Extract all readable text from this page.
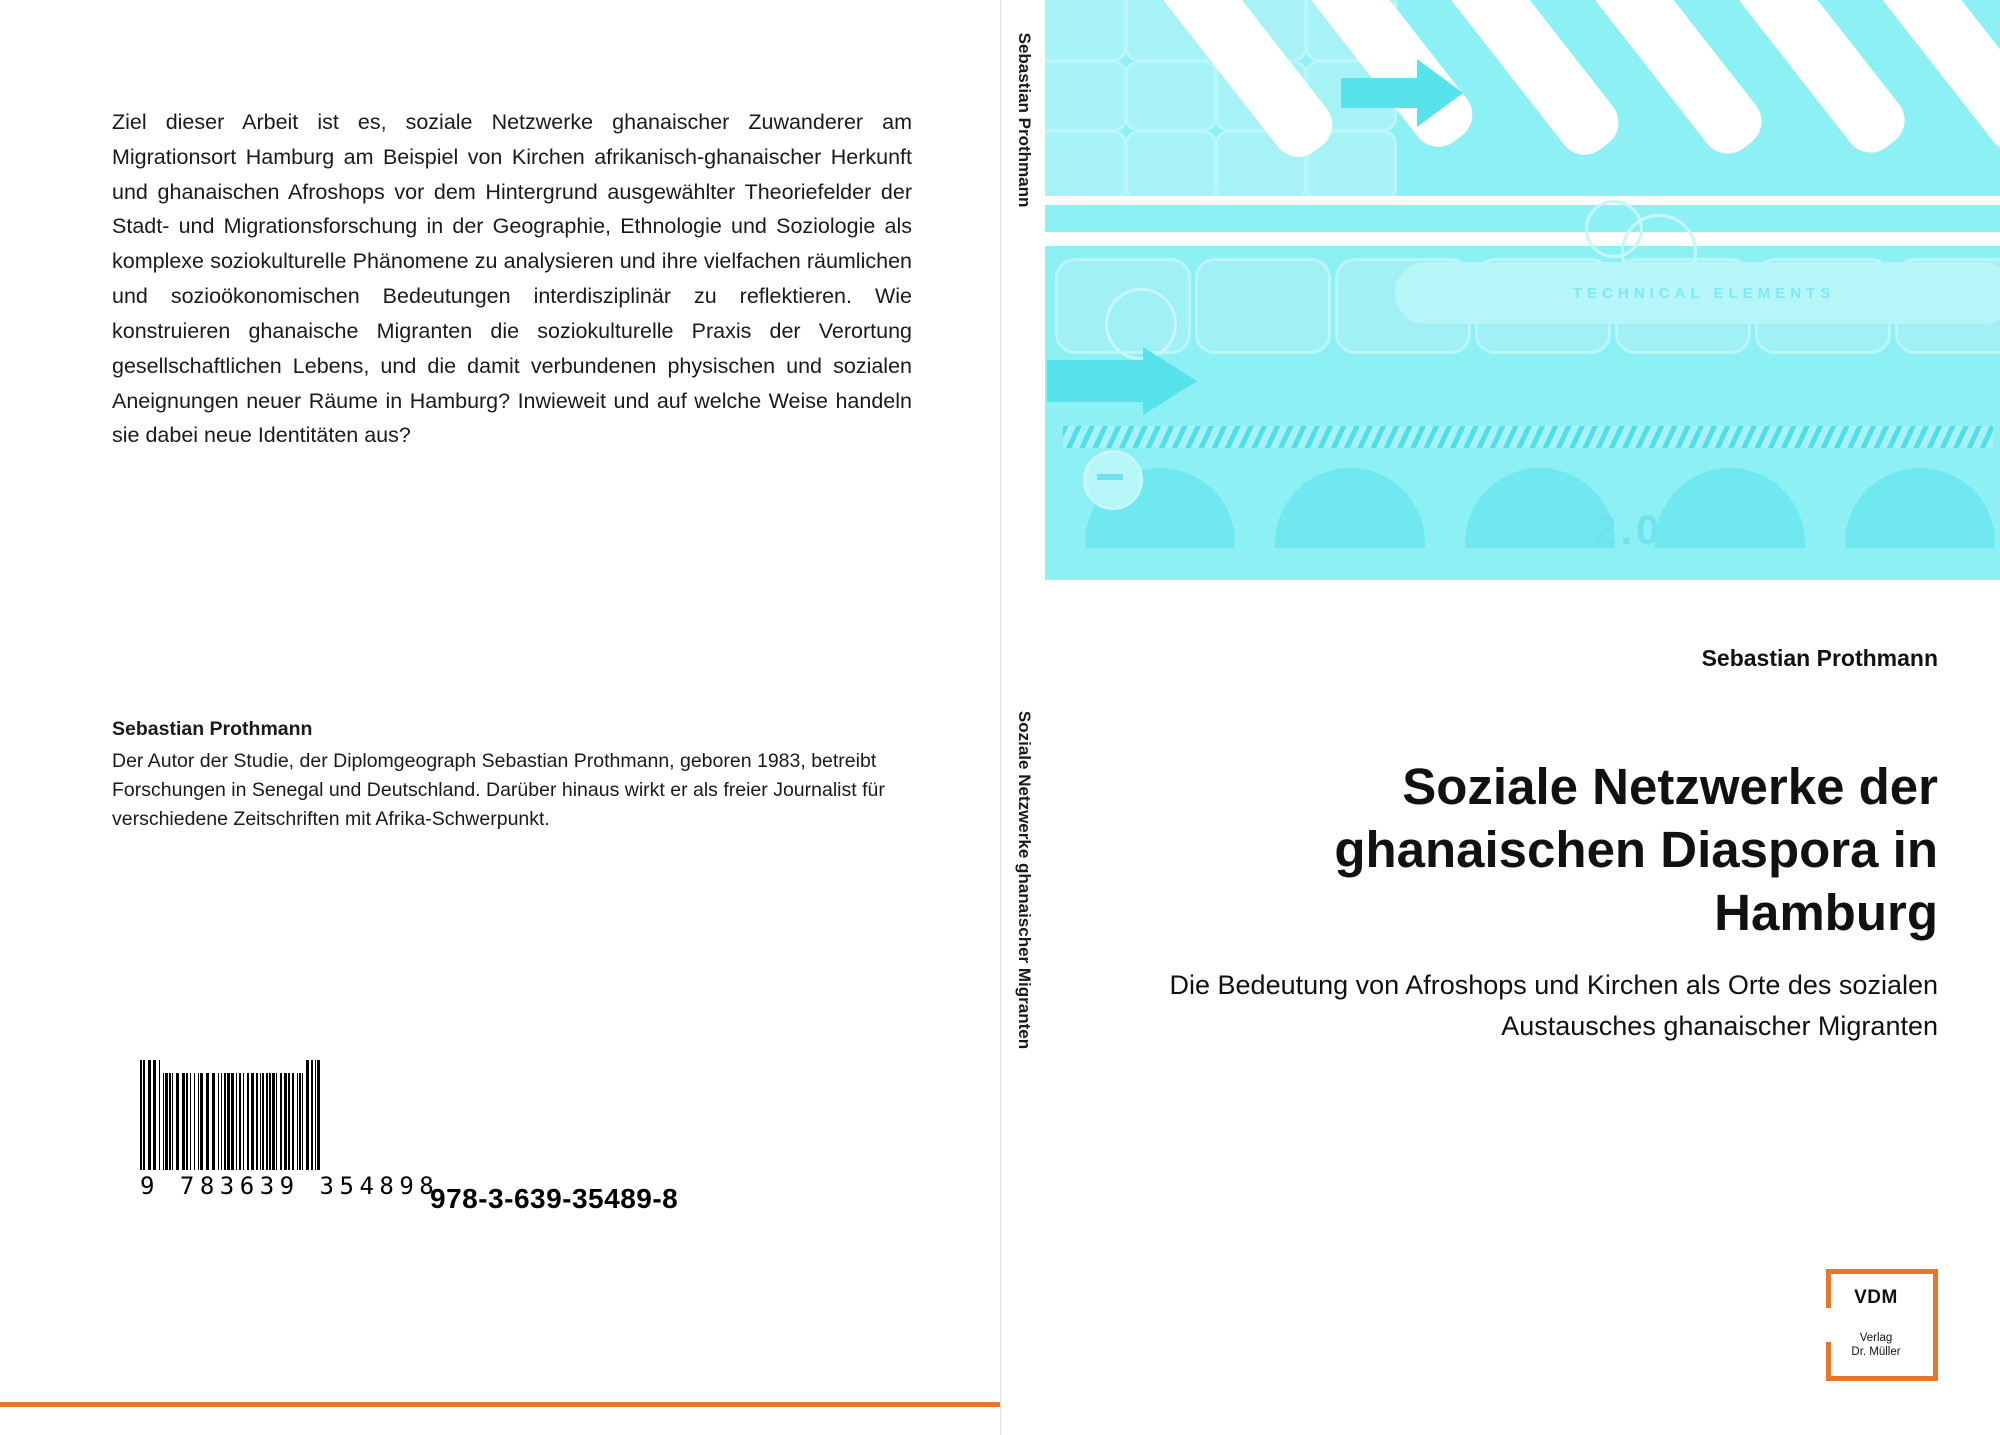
Ziel dieser Arbeit ist es, soziale Netzwerke ghanaischer Zuwanderer am Migrationsort Hamburg am Beispiel von Kirchen afrikanisch-ghanaischer Herkunft und ghanaischen Afroshops vor dem Hintergrund ausgewählter Theoriefelder der Stadt- und Migrationsforschung in der Geographie, Ethnologie und Soziologie als komplexe soziokulturelle Phänomene zu analysieren und ihre vielfachen räumlichen und sozioökonomischen Bedeutungen interdisziplinär zu reflektieren. Wie konstruieren ghanaische Migranten die soziokulturelle Praxis der Verortung gesellschaftlichen Lebens, und die damit verbundenen physischen und sozialen Aneignungen neuer Räume in Hamburg? Inwieweit und auf welche Weise handeln sie dabei neue Identitäten aus?
Sebastian Prothmann
Der Autor der Studie, der Diplomgeograph Sebastian Prothmann, geboren 1983, betreibt Forschungen in Senegal und Deutschland. Darüber hinaus wirkt er als freier Journalist für verschiedene Zeitschriften mit Afrika-Schwerpunkt.
9 783639 354898
978-3-639-35489-8
Sebastian Prothmann
Soziale Netzwerke ghanaischer Migranten
TECHNICAL ELEMENTS
2.0
Sebastian Prothmann
Soziale Netzwerke der ghanaischen Diaspora in Hamburg
Die Bedeutung von Afroshops und Kirchen als Orte des sozialen Austausches ghanaischer Migranten
VDM
Verlag
Dr. Müller
